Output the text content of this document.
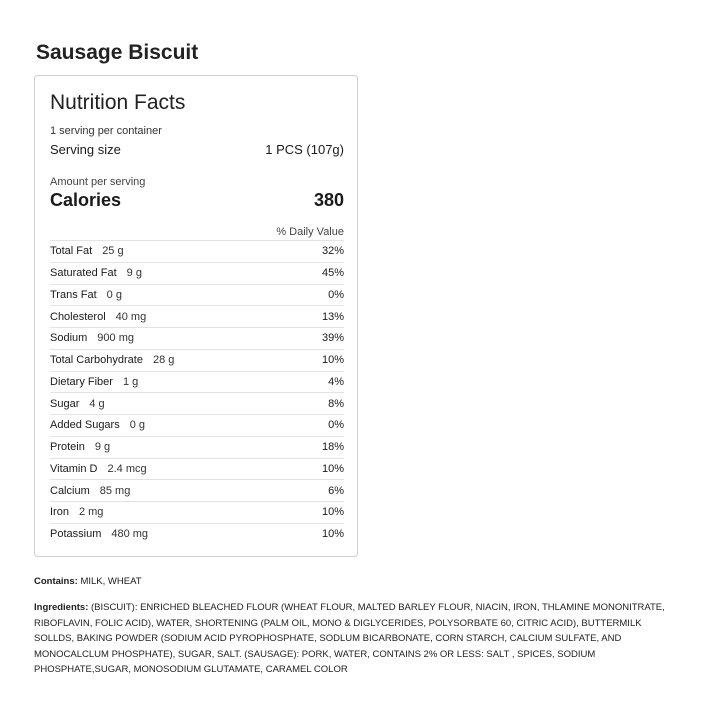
Sausage Biscuit
Nutrition Facts
1 serving per container
Serving size	1 PCS (107g)
Amount per serving
Calories	380
% Daily Value
Total Fat 25 g	32%
Saturated Fat 9 g	45%
Trans Fat 0 g	0%
Cholesterol 40 mg	13%
Sodium 900 mg	39%
Total Carbohydrate 28 g	10%
Dietary Fiber 1 g	4%
Sugar 4 g	8%
Added Sugars 0 g	0%
Protein 9 g	18%
Vitamin D 2.4 mcg	10%
Calcium 85 mg	6%
Iron 2 mg	10%
Potassium 480 mg	10%
Contains: MILK, WHEAT
Ingredients: (BISCUIT): ENRICHED BLEACHED FLOUR (WHEAT FLOUR, MALTED BARLEY FLOUR, NIACIN, IRON, THLAMINE MONONITRATE, RIBOFLAVIN, FOLIC ACID), WATER, SHORTENING (PALM OIL, MONO & DIGLYCERIDES, POLYSORBATE 60, CITRIC ACID), BUTTERMILK SOLLDS, BAKING POWDER (SODIUM ACID PYROPHOSPHATE, SODLUM BICARBONATE, CORN STARCH, CALCIUM SULFATE, AND MONOCALCLUM PHOSPHATE), SUGAR, SALT. (SAUSAGE): PORK, WATER, CONTAINS 2% OR LESS: SALT , SPICES, SODIUM PHOSPHATE,SUGAR, MONOSODIUM GLUTAMATE, CARAMEL COLOR
